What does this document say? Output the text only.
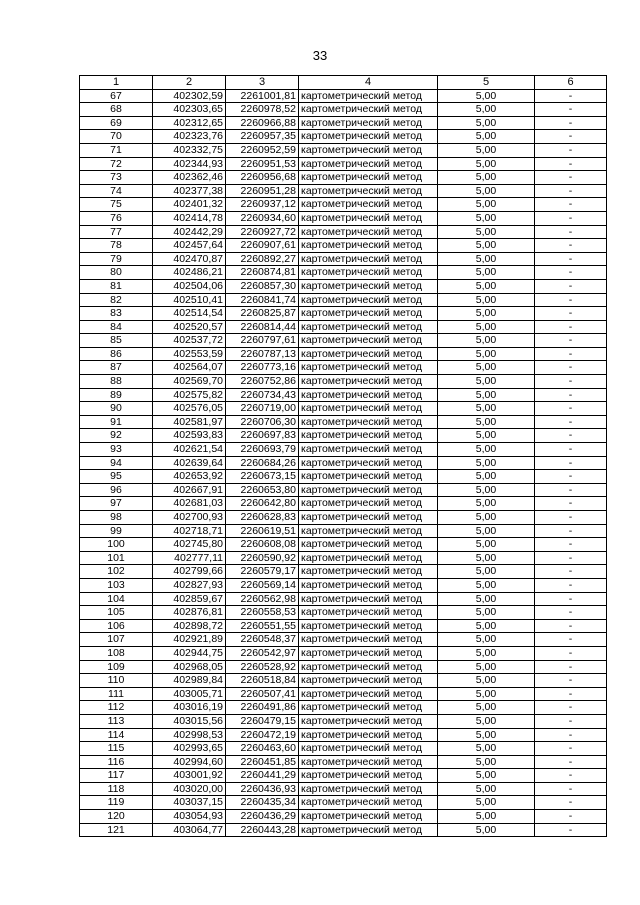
33
1	2	3	4	5	6
67	402302,59	2261001,81	картометрический метод	5,00	-
68	402303,65	2260978,52	картометрический метод	5,00	-
69	402312,65	2260966,88	картометрический метод	5,00	-
70	402323,76	2260957,35	картометрический метод	5,00	-
71	402332,75	2260952,59	картометрический метод	5,00	-
72	402344,93	2260951,53	картометрический метод	5,00	-
73	402362,46	2260956,68	картометрический метод	5,00	-
74	402377,38	2260951,28	картометрический метод	5,00	-
75	402401,32	2260937,12	картометрический метод	5,00	-
76	402414,78	2260934,60	картометрический метод	5,00	-
77	402442,29	2260927,72	картометрический метод	5,00	-
78	402457,64	2260907,61	картометрический метод	5,00	-
79	402470,87	2260892,27	картометрический метод	5,00	-
80	402486,21	2260874,81	картометрический метод	5,00	-
81	402504,06	2260857,30	картометрический метод	5,00	-
82	402510,41	2260841,74	картометрический метод	5,00	-
83	402514,54	2260825,87	картометрический метод	5,00	-
84	402520,57	2260814,44	картометрический метод	5,00	-
85	402537,72	2260797,61	картометрический метод	5,00	-
86	402553,59	2260787,13	картометрический метод	5,00	-
87	402564,07	2260773,16	картометрический метод	5,00	-
88	402569,70	2260752,86	картометрический метод	5,00	-
89	402575,82	2260734,43	картометрический метод	5,00	-
90	402576,05	2260719,00	картометрический метод	5,00	-
91	402581,97	2260706,30	картометрический метод	5,00	-
92	402593,83	2260697,83	картометрический метод	5,00	-
93	402621,54	2260693,79	картометрический метод	5,00	-
94	402639,64	2260684,26	картометрический метод	5,00	-
95	402653,92	2260673,15	картометрический метод	5,00	-
96	402667,91	2260653,80	картометрический метод	5,00	-
97	402681,03	2260642,80	картометрический метод	5,00	-
98	402700,93	2260628,83	картометрический метод	5,00	-
99	402718,71	2260619,51	картометрический метод	5,00	-
100	402745,80	2260608,08	картометрический метод	5,00	-
101	402777,11	2260590,92	картометрический метод	5,00	-
102	402799,66	2260579,17	картометрический метод	5,00	-
103	402827,93	2260569,14	картометрический метод	5,00	-
104	402859,67	2260562,98	картометрический метод	5,00	-
105	402876,81	2260558,53	картометрический метод	5,00	-
106	402898,72	2260551,55	картометрический метод	5,00	-
107	402921,89	2260548,37	картометрический метод	5,00	-
108	402944,75	2260542,97	картометрический метод	5,00	-
109	402968,05	2260528,92	картометрический метод	5,00	-
110	402989,84	2260518,84	картометрический метод	5,00	-
111	403005,71	2260507,41	картометрический метод	5,00	-
112	403016,19	2260491,86	картометрический метод	5,00	-
113	403015,56	2260479,15	картометрический метод	5,00	-
114	402998,53	2260472,19	картометрический метод	5,00	-
115	402993,65	2260463,60	картометрический метод	5,00	-
116	402994,60	2260451,85	картометрический метод	5,00	-
117	403001,92	2260441,29	картометрический метод	5,00	-
118	403020,00	2260436,93	картометрический метод	5,00	-
119	403037,15	2260435,34	картометрический метод	5,00	-
120	403054,93	2260436,29	картометрический метод	5,00	-
121	403064,77	2260443,28	картометрический метод	5,00	-
